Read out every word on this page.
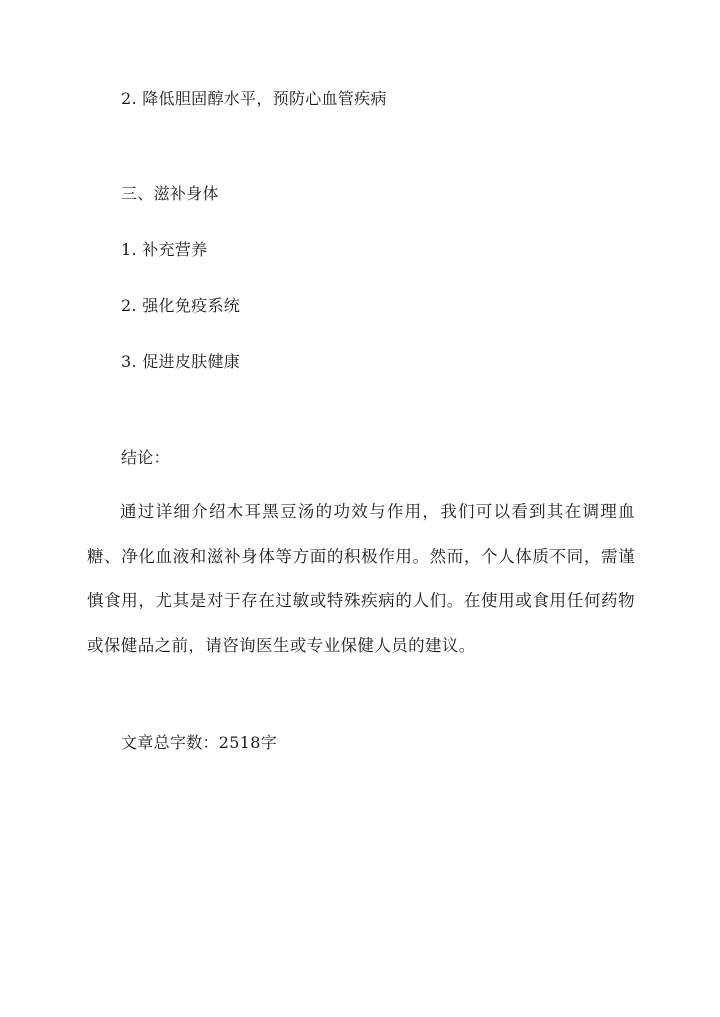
2. 降低胆固醇水平，预防心血管疾病
三、滋补身体
1. 补充营养
2. 强化免疫系统
3. 促进皮肤健康
结论：
通过详细介绍木耳黑豆汤的功效与作用，我们可以看到其在调理血糖、净化血液和滋补身体等方面的积极作用。然而，个人体质不同，需谨慎食用，尤其是对于存在过敏或特殊疾病的人们。在使用或食用任何药物或保健品之前，请咨询医生或专业保健人员的建议。
文章总字数：2518字
